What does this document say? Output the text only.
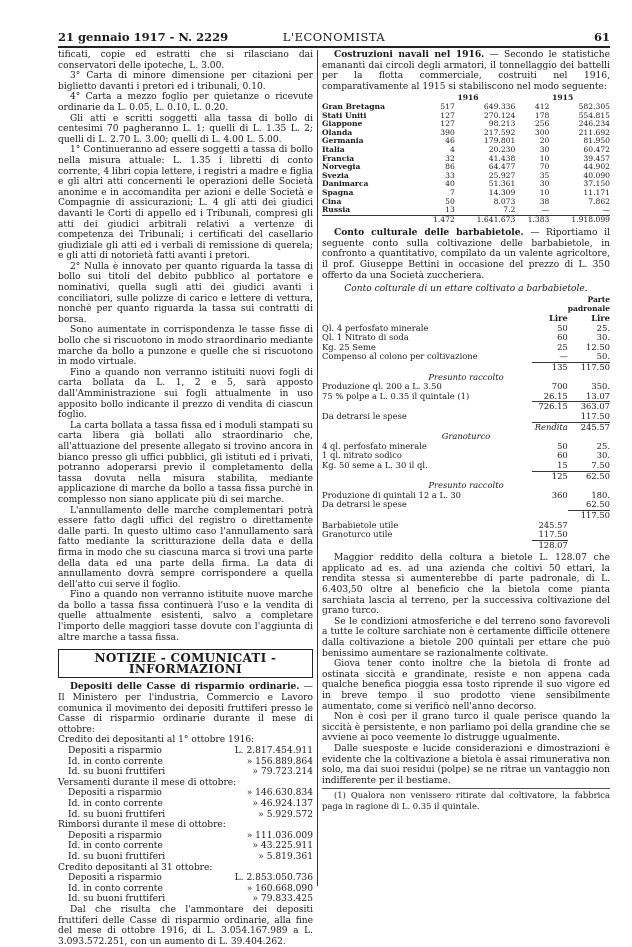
21 gennaio 1917 - N. 2229	L'ECONOMISTA	61

tificati, copie ed estratti che si rilasciano dai conservatori delle ipoteche, L. 3.00.

3° Carta di minore dimensione per citazioni per biglietto davanti i pretori ed i tribunali, 0.10.

4° Carta a mezzo foglio per quietanze o ricevute ordinarie da L. 0.05, L. 0.10, L. 0.20.

Gli atti e scritti soggetti alla tassa di bollo di centesimi 70 pagheranno L. 1; quelli di L. 1.35 L. 2; quelli di L. 2.70 L. 3.00; quelli di L. 4.00 L. 5.00.

1° Continueranno ad essere soggetti a tassa di bollo nella misura attuale: L. 1.35 i libretti di conto corrente, 4 libri copia lettere, i registri a madre e figlia e gli altri atti concernenti le operazioni delle Società anonime e in accomandita per azioni e delle Società e Compagnie di assicurazioni; L. 4 gli atti dei giudici davanti le Corti di appello ed i Tribunali, compresi gli atti dei giudici arbitrali relativi a vertenze di competenza dei Tribunali; i certificati del casellario giudiziale gli atti ed i verbali di remissione di querela; e gli atti di notorietà fatti avanti i pretori.

2° Nulla è innovato per quanto riguarda la tassa di bollo sui titoli del debito pubblico al portatore e nominativi, quella sugli atti dei giudici avanti i conciliatori, sulle polizze di carico e lettere di vettura, nonchè per quanto riguarda la tassa sui contratti di borsa.

Sono aumentate in corrispondenza le tasse fisse di bollo che si riscuotono in modo straordinario mediante marche da bollo a punzone e quelle che si riscuotono in modo virtuale.

Fino a quando non verranno istituiti nuovi fogli di carta bollata da L. 1, 2 e 5, sarà apposto dall'Amministrazione sui fogli attualmente in uso apposito bollo indicante il prezzo di vendita di ciascun foglio.

La carta bollata a tassa fissa ed i moduli stampati su carta libera già bollati allo straordinario che, all'attuazione del presente allegato si trovino ancora in bianco presso gli uffici pubblici, gli istituti ed i privati, potranno adoperarsi previo il completamento della tassa dovuta nella misura stabilita, mediante applicazione di marche da bollo a tassa fissa purchè in complesso non siano applicate più di sei marche.

L'annullamento delle marche complementari potrà essere fatto dagli uffici del registro o direttamente dalle parti. In questo ultimo caso l'annullamento sarà fatto mediante la scritturazione della data e della firma in modo che su ciascuna marca si trovi una parte della data ed una parte della firma. La data di annullamento dovrà sempre corrispondere a quella dell'atto cui serve il foglio.

Fino a quando non verranno istituite nuove marche da bollo a tassa fissa continuerà l'uso e la vendita di quelle attualmente esistenti, salvo a completare l'importo delle maggiori tasse dovute con l'aggiunta di altre marche a tassa fissa.

NOTIZIE - COMUNICATI - INFORMAZIONI

Depositi delle Casse di risparmio ordinarie. — Il Ministero per l'industria, Commercio e Lavoro comunica il movimento dei depositi fruttiferi presso le Casse di risparmio ordinarie durante il mese di ottobre:

Credito dei depositanti al 1° ottobre 1916:
Depositi a risparmio	L. 2.817.454.911
Id. in conto corrente	» 156.889.864
Id. su buoni fruttiferi	» 79.723.214
Versamenti durante il mese di ottobre:
Depositi a risparmio	» 146.630.834
Id. in conto corrente	» 46.924.137
Id. su buoni fruttiferi	» 5.929.572
Rimborsi durante il mese di ottobre:
Depositi a risparmio	» 111.036.009
Id. in conto corrente	» 43.225.911
Id. su buoni fruttiferi	» 5.819.361
Credito depositanti al 31 ottobre:
Depositi a risparmio	L. 2.853.050.736
Id. in conto corrente	» 160.668.090
Id. su buoni fruttiferi	» 79.833.425

Dal che risulta che l'ammontare dei depositi fruttiferi delle Casse di risparmio ordinarie, alla fine del mese di ottobre 1916, di L. 3.054.167.989 a L. 3.093.572.251, con un aumento di L. 39.404.262.

Costruzioni navali nel 1916. — Secondo le statistiche emananti dai circoli degli armatori, il tonnellaggio dei battelli per la flotta commerciale, costruiti nel 1916, comparativamente al 1915 si stabiliscono nel modo seguente:

	1916		1915	
Gran Bretagna	517	649.336	412	582.305
Stati Uniti	127	270.124	178	554.815
Giappone	127	98.213	256	246.234
Olanda	390	217.592	300	211.692
Germania	46	179.801	20	81.950
Italia	4	20.230	30	60.472
Francia	32	41.438	10	39.457
Norvegia	86	64.477	70	44.902
Svezia	33	25.927	35	40.090
Danimarca	40	51.361	30	37.150
Spagna	7	14.309	10	11.171
Cina	50	8.073	38	7.862
Russia	13	7.2	—	—
	1.472	1.641.673	1.383	1.918.099

Conto culturale delle barbabietole. — Riportiamo il seguente conto sulla coltivazione delle barbabietole, in confronto a quantitativo, compilato da un valente agricoltore, il prof. Giuseppe Bettini in occasione del prezzo di L. 350 offerto da una Società zuccheriera.

Conto colturale di un ettare coltivato a barbabietole.

		Parte padronale
	Lire	Lire
Ql. 4 perfosfato minerale	50	25.
Ql. 1 Nitrato di soda	60	30.
Kg. 25 Seme	25	12.50
Compenso al colono per coltivazione	—	50.
	135	117.50
Presunto raccolto		
Produzione ql. 200 a L. 3.50	700	350.
75 % polpe a L. 0.35 il quintale (1)	26.15	13.07
	726.15	363.07
Da detrarsi le spese		117.50
	Rendita	245.57
Granoturco		
4 ql. perfosfato minerale	50	25.
1 ql. nitrato sodico	60	30.
Kg. 50 seme a L. 30 il ql.	15	7.50
	125	62.50
Presunto raccolto		
Produzione di quintali 12 a L. 30	360	180.
Da detrarsi le spese		62.50
		117.50
Barbabietole utile	245.57	
Granoturco utile	117.50	
	128.07	

Maggior reddito della coltura a bietole L. 128.07 che applicato ad es. ad una azienda che coltivi 50 ettari, la rendita stessa si aumenterebbe di parte padronale, di L. 6.403,50 oltre al beneficio che la bietola come pianta sarchiata lascia al terreno, per la successiva coltivazione del grano turco.

Se le condizioni atmosferiche e del terreno sono favorevoli a tutte le colture sarchiate non è certamente difficile ottenere dalla coltivazione a bietole 200 quintali per ettare che può benissimo aumentare se razionalmente coltivate.

Giova tener conto inoltre che la bietola di fronte ad ostinata siccità e grandinate, resiste e non appena cada qualche benefica pioggia essa tosto riprende il suo vigore ed in breve tempo il suo prodotto viene sensibilmente aumentato, come si verificò nell'anno decorso.

Non è così per il grano turco il quale perisce quando la siccità è persistente, e non parliamo poi della grandine che se avviene ai poco veemente lo distrugge ugualmente.

Dalle suesposte e lucide considerazioni e dimostrazioni è evidente che la coltivazione a bietola è assai rimunerativa non solo, ma dai suoi residui (polpe) se ne ritrae un vantaggio non indifferente per il bestiame.

(1) Qualora non venissero ritirate dal coltivatore, la fabbrica paga in ragione di L. 0.35 il quintale.
